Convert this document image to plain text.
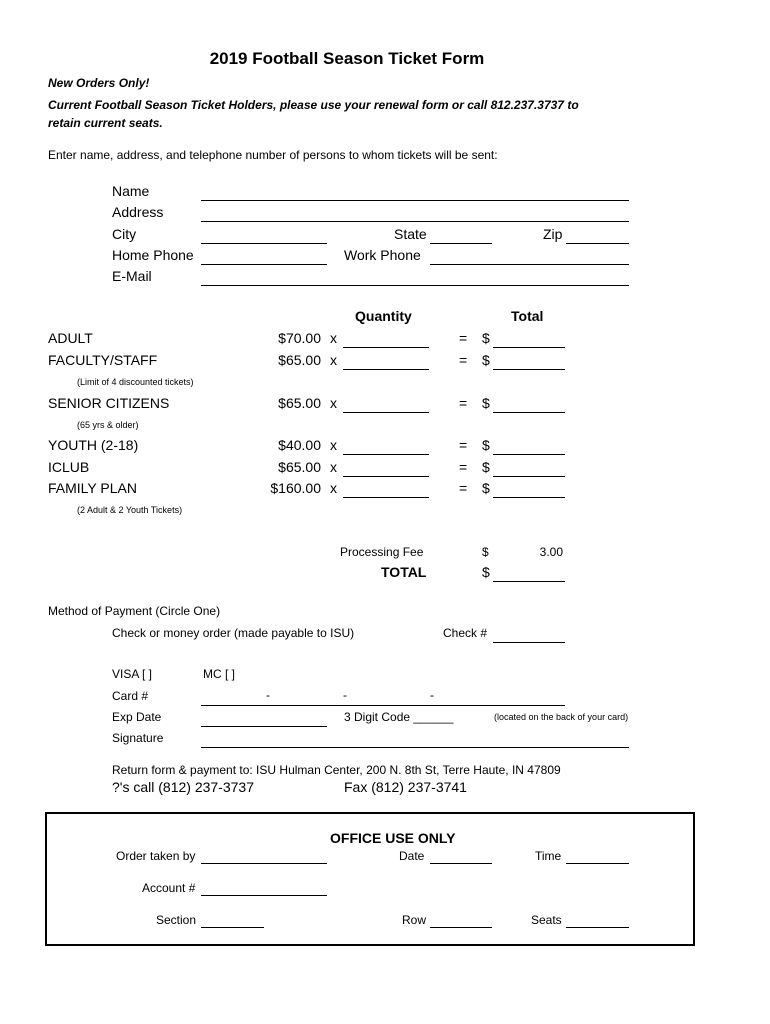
2019 Football Season Ticket Form
New Orders Only!
Current Football Season Ticket Holders, please use your renewal form or call 812.237.3737 to
retain current seats.
Enter name, address, and telephone number of persons to whom tickets will be sent:
Name
Address
City	State	Zip
Home Phone	Work Phone
E-Mail
Quantity	Total
ADULT	$70.00 x	= $
FACULTY/STAFF	$65.00 x	= $
(Limit of 4 discounted tickets)
SENIOR CITIZENS	$65.00 x	= $
(65 yrs & older)
YOUTH (2-18)	$40.00 x	= $
ICLUB	$65.00 x	= $
FAMILY PLAN	$160.00 x	= $
(2 Adult & 2 Youth Tickets)
Processing Fee	$	3.00
TOTAL	$
Method of Payment (Circle One)
Check or money order (made payable to ISU)	Check #
VISA [ ]	MC [ ]
Card #	-	-	-
Exp Date	3 Digit Code ______	(located on the back of your card)
Signature
Return form & payment to: ISU Hulman Center, 200 N. 8th St, Terre Haute, IN 47809
?'s call (812) 237-3737	Fax (812) 237-3741
OFFICE USE ONLY
Order taken by	Date	Time
Account #
Section	Row	Seats
